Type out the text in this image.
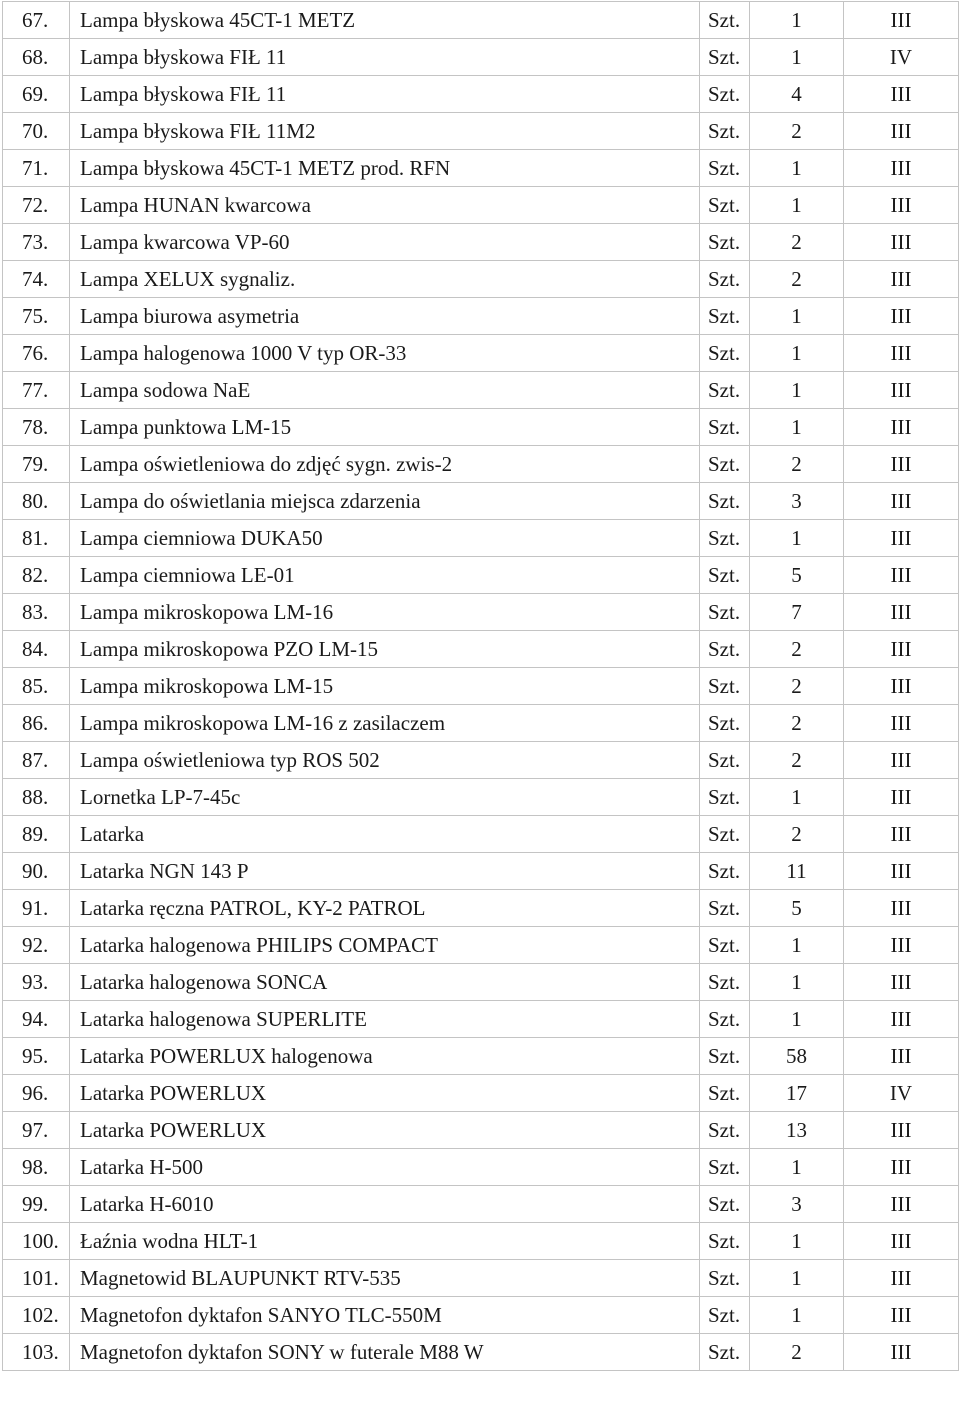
67.	Lampa błyskowa 45CT-1 METZ	Szt.	1	III
68.	Lampa błyskowa FIŁ 11	Szt.	1	IV
69.	Lampa błyskowa FIŁ 11	Szt.	4	III
70.	Lampa błyskowa FIŁ 11M2	Szt.	2	III
71.	Lampa błyskowa 45CT-1 METZ prod. RFN	Szt.	1	III
72.	Lampa HUNAN kwarcowa	Szt.	1	III
73.	Lampa kwarcowa VP-60	Szt.	2	III
74.	Lampa XELUX sygnaliz.	Szt.	2	III
75.	Lampa biurowa asymetria	Szt.	1	III
76.	Lampa halogenowa 1000 V typ OR-33	Szt.	1	III
77.	Lampa sodowa NaE	Szt.	1	III
78.	Lampa punktowa LM-15	Szt.	1	III
79.	Lampa oświetleniowa do zdjęć sygn. zwis-2	Szt.	2	III
80.	Lampa do oświetlania miejsca zdarzenia	Szt.	3	III
81.	Lampa ciemniowa DUKA50	Szt.	1	III
82.	Lampa ciemniowa LE-01	Szt.	5	III
83.	Lampa mikroskopowa LM-16	Szt.	7	III
84.	Lampa mikroskopowa PZO LM-15	Szt.	2	III
85.	Lampa mikroskopowa LM-15	Szt.	2	III
86.	Lampa mikroskopowa LM-16 z zasilaczem	Szt.	2	III
87.	Lampa oświetleniowa typ ROS 502	Szt.	2	III
88.	Lornetka LP-7-45c	Szt.	1	III
89.	Latarka	Szt.	2	III
90.	Latarka NGN 143 P	Szt.	11	III
91.	Latarka ręczna PATROL, KY-2 PATROL	Szt.	5	III
92.	Latarka halogenowa PHILIPS COMPACT	Szt.	1	III
93.	Latarka halogenowa SONCA	Szt.	1	III
94.	Latarka halogenowa SUPERLITE	Szt.	1	III
95.	Latarka POWERLUX halogenowa	Szt.	58	III
96.	Latarka POWERLUX	Szt.	17	IV
97.	Latarka POWERLUX	Szt.	13	III
98.	Latarka H-500	Szt.	1	III
99.	Latarka H-6010	Szt.	3	III
100.	Łaźnia wodna HLT-1	Szt.	1	III
101.	Magnetowid BLAUPUNKT RTV-535	Szt.	1	III
102.	Magnetofon dyktafon SANYO TLC-550M	Szt.	1	III
103.	Magnetofon dyktafon SONY w futerale M88 W	Szt.	2	III
